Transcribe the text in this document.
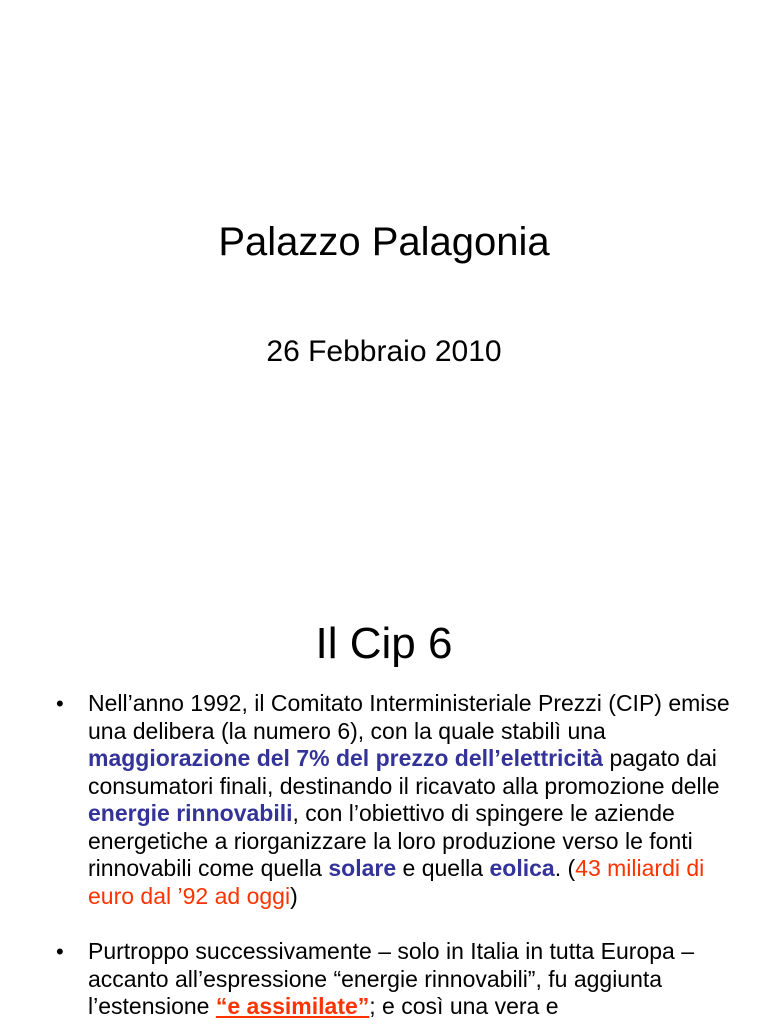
Palazzo Palagonia

26 Febbraio 2010

Il Cip 6
• Nell’anno 1992, il Comitato Interministeriale Prezzi (CIP) emise una delibera (la numero 6), con la quale stabilì una maggiorazione del 7% del prezzo dell’elettricità pagato dai consumatori finali, destinando il ricavato alla promozione delle energie rinnovabili, con l’obiettivo di spingere le aziende energetiche a riorganizzare la loro produzione verso le fonti rinnovabili come quella solare e quella eolica. (43 miliardi di euro dal ’92 ad oggi)
• Purtroppo successivamente – solo in Italia in tutta Europa – accanto all’espressione “energie rinnovabili”, fu aggiunta l’estensione “e assimilate”; e così una vera e
